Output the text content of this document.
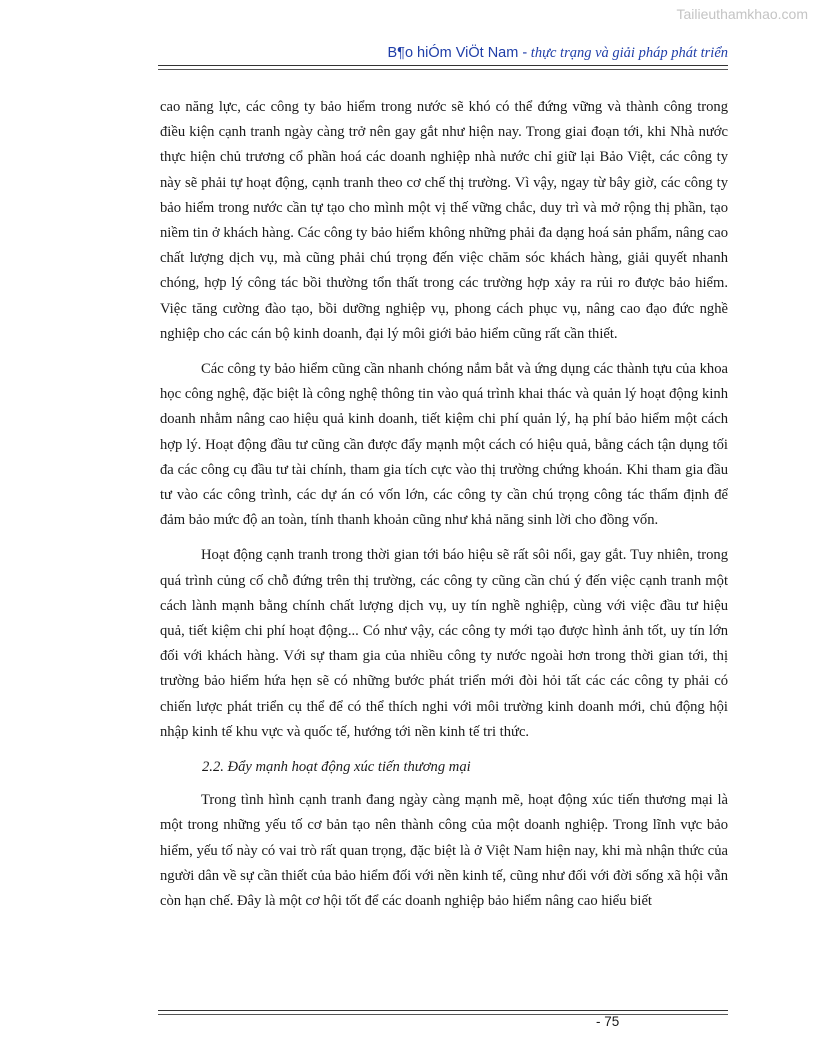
Tailieuthamkhao.com
B¶o hiÓm ViÖt Nam - thực trạng và giải pháp phát triển

cao năng lực, các công ty bảo hiểm trong nước sẽ khó có thể đứng vững và thành công trong điều kiện cạnh tranh ngày càng trở nên gay gắt như hiện nay. Trong giai đoạn tới, khi Nhà nước thực hiện chủ trương cổ phần hoá các doanh nghiệp nhà nước chỉ giữ lại Bảo Việt, các công ty này sẽ phải tự hoạt động, cạnh tranh theo cơ chế thị trường. Vì vậy, ngay từ bây giờ, các công ty bảo hiểm trong nước cần tự tạo cho mình một vị thế vững chắc, duy trì và mở rộng thị phần, tạo niềm tin ở khách hàng. Các công ty bảo hiểm không những phải đa dạng hoá sản phẩm, nâng cao chất lượng dịch vụ, mà cũng phải chú trọng đến việc chăm sóc khách hàng, giải quyết nhanh chóng, hợp lý công tác bồi thường tổn thất trong các trường hợp xảy ra rủi ro được bảo hiểm. Việc tăng cường đào tạo, bồi dưỡng nghiệp vụ, phong cách phục vụ, nâng cao đạo đức nghề nghiệp cho các cán bộ kinh doanh, đại lý môi giới bảo hiểm cũng rất cần thiết.

Các công ty bảo hiểm cũng cần nhanh chóng nắm bắt và ứng dụng các thành tựu của khoa học công nghệ, đặc biệt là công nghệ thông tin vào quá trình khai thác và quản lý hoạt động kinh doanh nhằm nâng cao hiệu quả kinh doanh, tiết kiệm chi phí quản lý, hạ phí bảo hiểm một cách hợp lý. Hoạt động đầu tư cũng cần được đẩy mạnh một cách có hiệu quả, bằng cách tận dụng tối đa các công cụ đầu tư tài chính, tham gia tích cực vào thị trường chứng khoán. Khi tham gia đầu tư vào các công trình, các dự án có vốn lớn, các công ty cần chú trọng công tác thẩm định để đảm bảo mức độ an toàn, tính thanh khoản cũng như khả năng sinh lời cho đồng vốn.

Hoạt động cạnh tranh trong thời gian tới báo hiệu sẽ rất sôi nổi, gay gắt. Tuy nhiên, trong quá trình củng cố chỗ đứng trên thị trường, các công ty cũng cần chú ý đến việc cạnh tranh một cách lành mạnh bằng chính chất lượng dịch vụ, uy tín nghề nghiệp, cùng với việc đầu tư hiệu quả, tiết kiệm chi phí hoạt động... Có như vậy, các công ty mới tạo được hình ảnh tốt, uy tín lớn đối với khách hàng. Với sự tham gia của nhiều công ty nước ngoài hơn trong thời gian tới, thị trường bảo hiểm hứa hẹn sẽ có những bước phát triển mới đòi hỏi tất các các công ty phải có chiến lược phát triển cụ thể để có thể thích nghi với môi trường kinh doanh mới, chủ động hội nhập kinh tế khu vực và quốc tế, hướng tới nền kinh tế tri thức.

2.2. Đẩy mạnh hoạt động xúc tiến thương mại

Trong tình hình cạnh tranh đang ngày càng mạnh mẽ, hoạt động xúc tiến thương mại là một trong những yếu tố cơ bản tạo nên thành công của một doanh nghiệp. Trong lĩnh vực bảo hiểm, yếu tố này có vai trò rất quan trọng, đặc biệt là ở Việt Nam hiện nay, khi mà nhận thức của người dân về sự cần thiết của bảo hiểm đối với nền kinh tế, cũng như đối với đời sống xã hội vẫn còn hạn chế. Đây là một cơ hội tốt để các doanh nghiệp bảo hiểm nâng cao hiểu biết

- 75
